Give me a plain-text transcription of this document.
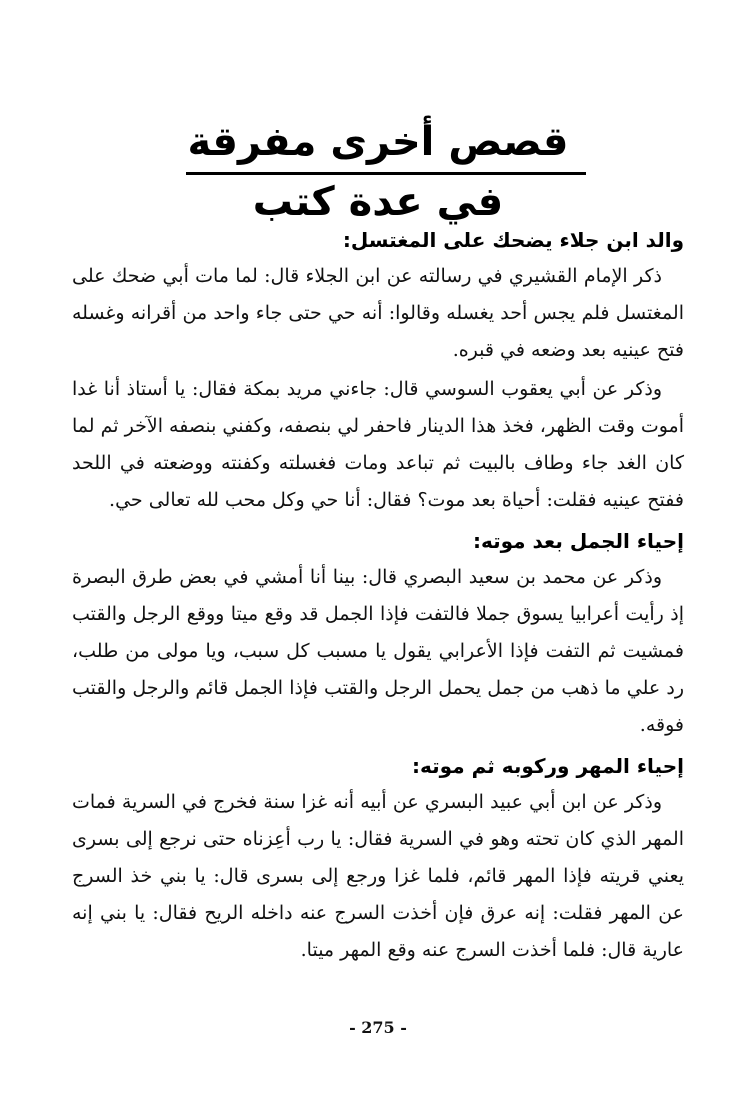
قصص أخرى مفرقة في عدة كتب
والد ابن جلاء يضحك على المغتسل:

ذكر الإمام القشيري في رسالته عن ابن الجلاء قال: لما مات أبي ضحك على المغتسل فلم يجس أحد يغسله وقالوا: أنه حي حتى جاء واحد من أقرانه وغسله فتح عينيه بعد وضعه في قبره.

وذكر عن أبي يعقوب السوسي قال: جاءني مريد بمكة فقال: يا أستاذ أنا غدا أموت وقت الظهر، فخذ هذا الدينار فاحفر لي بنصفه، وكفني بنصفه الآخر ثم لما كان الغد جاء وطاف بالبيت ثم تباعد ومات فغسلته وكفنته ووضعته في اللحد ففتح عينيه فقلت: أحياة بعد موت؟ فقال: أنا حي وكل محب لله تعالى حي.

إحياء الجمل بعد موته:

وذكر عن محمد بن سعيد البصري قال: بينا أنا أمشي في بعض طرق البصرة إذ رأيت أعرابيا يسوق جملا فالتفت فإذا الجمل قد وقع ميتا ووقع الرجل والقتب فمشيت ثم التفت فإذا الأعرابي يقول يا مسبب كل سبب، ويا مولى من طلب، رد علي ما ذهب من جمل يحمل الرجل والقتب فإذا الجمل قائم والرجل والقتب فوقه.

إحياء المهر وركوبه ثم موته:

وذكر عن ابن أبي عبيد البسري عن أبيه أنه غزا سنة فخرج في السرية فمات المهر الذي كان تحته وهو في السرية فقال: يا رب أعِزناه حتى نرجع إلى بسرى يعني قريته فإذا المهر قائم، فلما غزا ورجع إلى بسرى قال: يا بني خذ السرج عن المهر فقلت: إنه عرق فإن أخذت السرج عنه داخله الريح فقال: يا بني إنه عارية قال: فلما أخذت السرج عنه وقع المهر ميتا.

- 275 -
